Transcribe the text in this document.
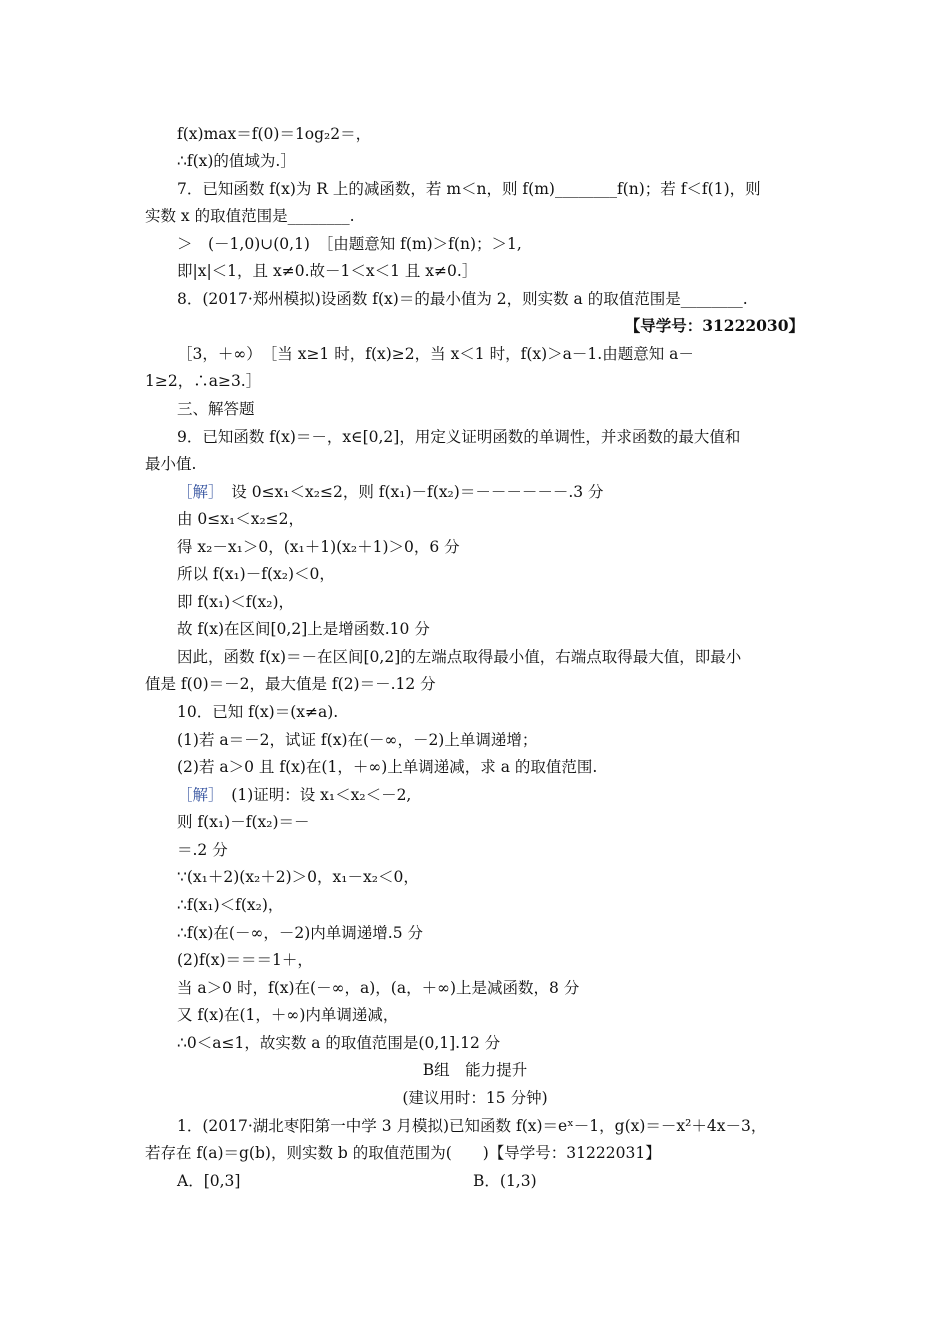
f(x)max＝f(0)＝1og₂2＝，
∴f(x)的值域为.］
7．已知函数 f(x)为 R 上的减函数，若 m＜n，则 f(m)________f(n)；若 f＜f(1)，则
实数 x 的取值范围是________.
＞　(－1,0)∪(0,1)　［由题意知 f(m)＞f(n)；＞1,
即|x|＜1，且 x≠0.故－1＜x＜1 且 x≠0.］
8．(2017·郑州模拟)设函数 f(x)＝的最小值为 2，则实数 a 的取值范围是________.
【导学号：31222030】
［3，＋∞）　［当 x≥1 时，f(x)≥2，当 x＜1 时，f(x)＞a－1.由题意知 a－
1≥2，∴a≥3.］
三、解答题
9．已知函数 f(x)＝－，x∈[0,2]，用定义证明函数的单调性，并求函数的最大值和
最小值.
［解］　 设 0≤x₁＜x₂≤2，则 f(x₁)－f(x₂)＝－－－－－－.3 分
由 0≤x₁＜x₂≤2，
得 x₂－x₁＞0，(x₁＋1)(x₂＋1)＞0，6 分
所以 f(x₁)－f(x₂)＜0，
即 f(x₁)＜f(x₂)，
故 f(x)在区间[0,2]上是增函数.10 分
因此，函数 f(x)＝－在区间[0,2]的左端点取得最小值，右端点取得最大值，即最小
值是 f(0)＝－2，最大值是 f(2)＝－.12 分
10．已知 f(x)＝(x≠a).
(1)若 a＝－2，试证 f(x)在(－∞，－2)上单调递增；
(2)若 a＞0 且 f(x)在(1，＋∞)上单调递减，求 a 的取值范围.
［解］　 (1)证明：设 x₁＜x₂＜－2,
则 f(x₁)－f(x₂)＝－
＝.2 分
∵(x₁＋2)(x₂＋2)＞0，x₁－x₂＜0，
∴f(x₁)＜f(x₂)，
∴f(x)在(－∞，－2)内单调递增.5 分
(2)f(x)＝＝＝1＋，
当 a＞0 时，f(x)在(－∞，a)，(a，＋∞)上是减函数，8 分
又 f(x)在(1，＋∞)内单调递减，
∴0＜a≤1，故实数 a 的取值范围是(0,1].12 分
B组　能力提升
(建议用时：15 分钟)
1．(2017·湖北枣阳第一中学 3 月模拟)已知函数 f(x)＝eˣ－1，g(x)＝－x²＋4x－3，
若存在 f(a)＝g(b)，则实数 b 的取值范围为(　　)【导学号：31222031】
A．[0,3]	B．(1,3)
